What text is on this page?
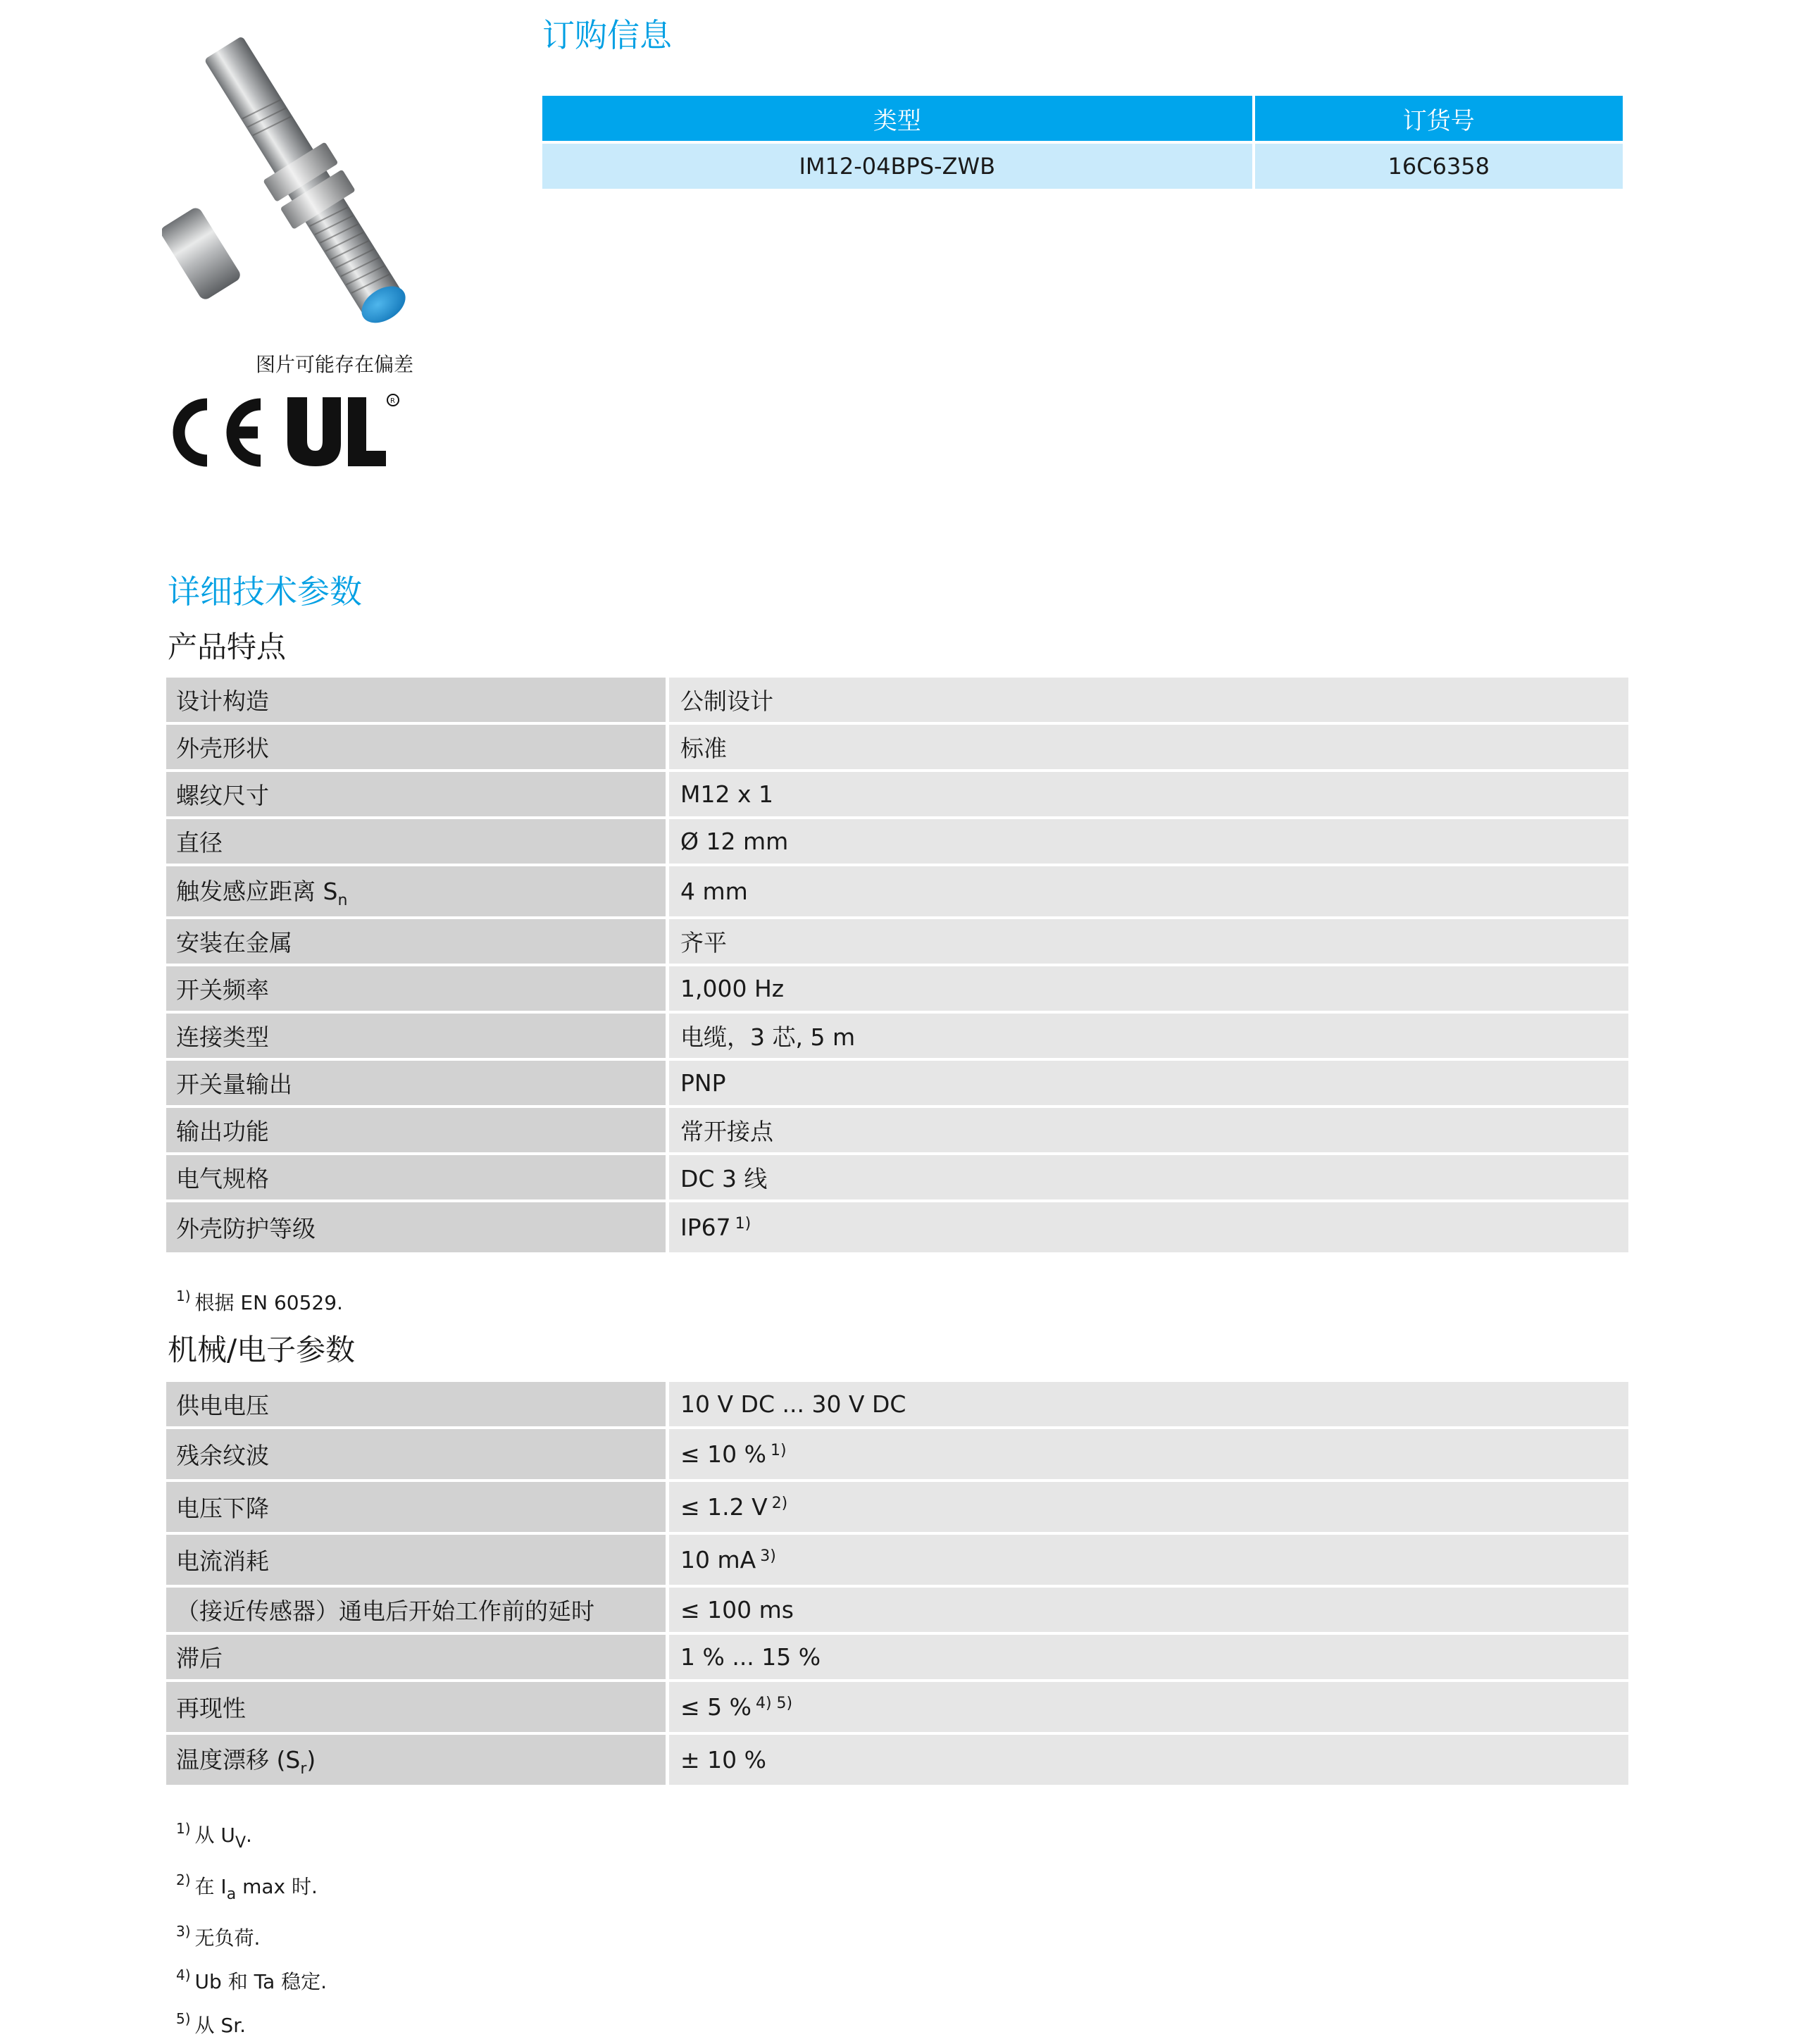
图片可能存在偏差
R
订购信息
类型	订货号
IM12-04BPS-ZWB	16C6358
详细技术参数
产品特点
设计构造	公制设计
外壳形状	标准
螺纹尺寸	M12 x 1
直径	Ø 12 mm
触发感应距离 $S_n$	4 mm
安装在金属	齐平
开关频率	1,000 Hz
连接类型	电缆，3 芯, 5 m
开关量输出	PNP
输出功能	常开接点
电气规格	DC 3 线
外壳防护等级	IP67 $^{1)}$
$^{1)}$ 根据 EN 60529.
机械/电子参数
供电电压	10 V DC ... 30 V DC
残余纹波	≤ 10 % $^{1)}$
电压下降	≤ 1.2 V $^{2)}$
电流消耗	10 mA $^{3)}$
（接近传感器）通电后开始工作前的延时	≤ 100 ms
滞后	1 % ... 15 %
再现性	≤ 5 % $^{4) 5)}$
温度漂移 $(S_r)$	± 10 %
$^{1)}$ 从 $U_V$.
$^{2)}$ 在 $I_a$ max 时.
$^{3)}$ 无负荷.
$^{4)}$ Ub 和 Ta 稳定.
$^{5)}$ 从 Sr.
